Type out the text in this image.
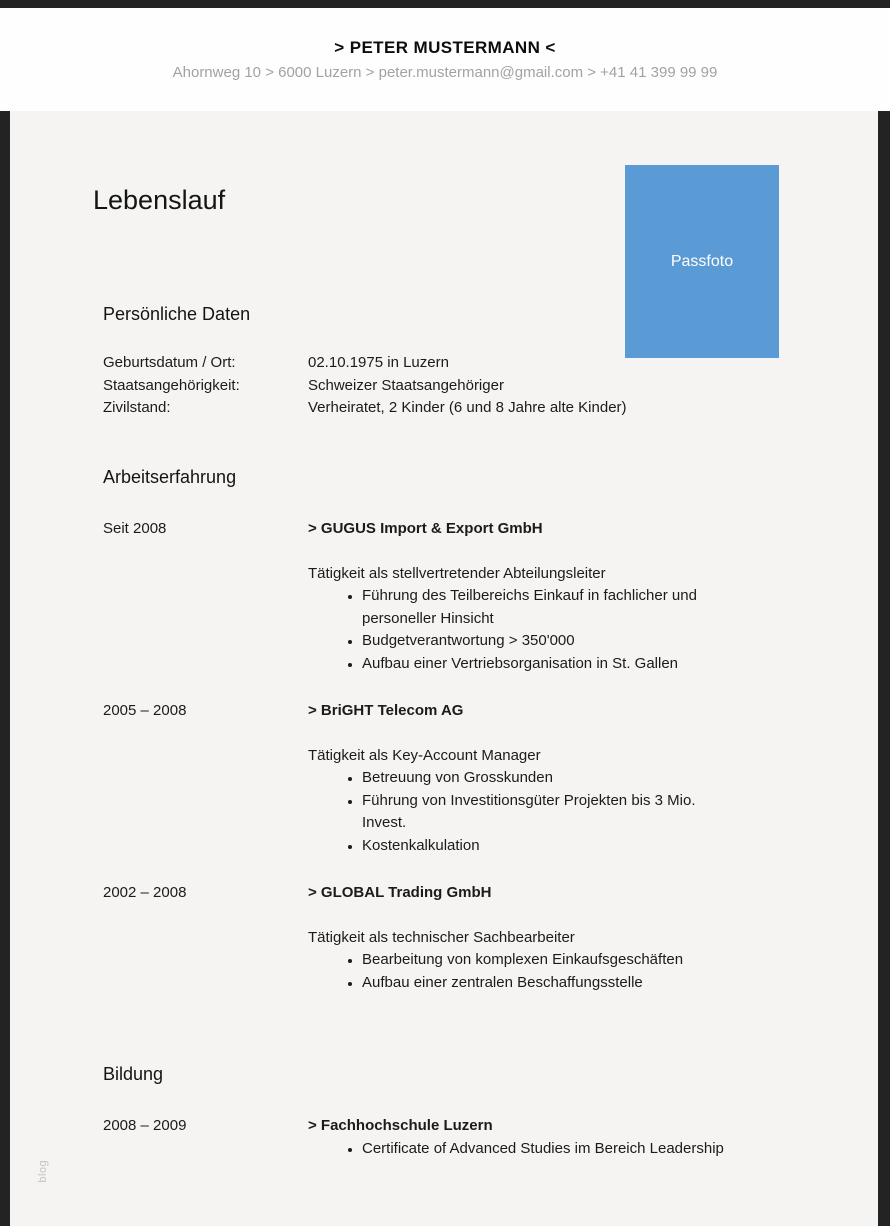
> PETER MUSTERMANN <
Ahornweg 10 > 6000 Luzern > peter.mustermann@gmail.com > +41 41 399 99 99
Lebenslauf
Passfoto
Persönliche Daten
Geburtsdatum / Ort:	02.10.1975 in Luzern
Staatsangehörigkeit:	Schweizer Staatsangehöriger
Zivilstand:	Verheiratet, 2 Kinder (6 und 8 Jahre alte Kinder)
Arbeitserfahrung
Seit 2008	> GUGUS Import & Export GmbH
Tätigkeit als stellvertretender Abteilungsleiter
• Führung des Teilbereichs Einkauf in fachlicher und personeller Hinsicht
• Budgetverantwortung > 350'000
• Aufbau einer Vertriebsorganisation in St. Gallen
2005 – 2008	> BriGHT Telecom AG
Tätigkeit als Key-Account Manager
• Betreuung von Grosskunden
• Führung von Investitionsgüter Projekten bis 3 Mio. Invest.
• Kostenkalkulation
2002 – 2008	> GLOBAL Trading GmbH
Tätigkeit als technischer Sachbearbeiter
• Bearbeitung von komplexen Einkaufsgeschäften
• Aufbau einer zentralen Beschaffungsstelle
Bildung
2008 – 2009	> Fachhochschule Luzern
• Certificate of Advanced Studies im Bereich Leadership
blog
